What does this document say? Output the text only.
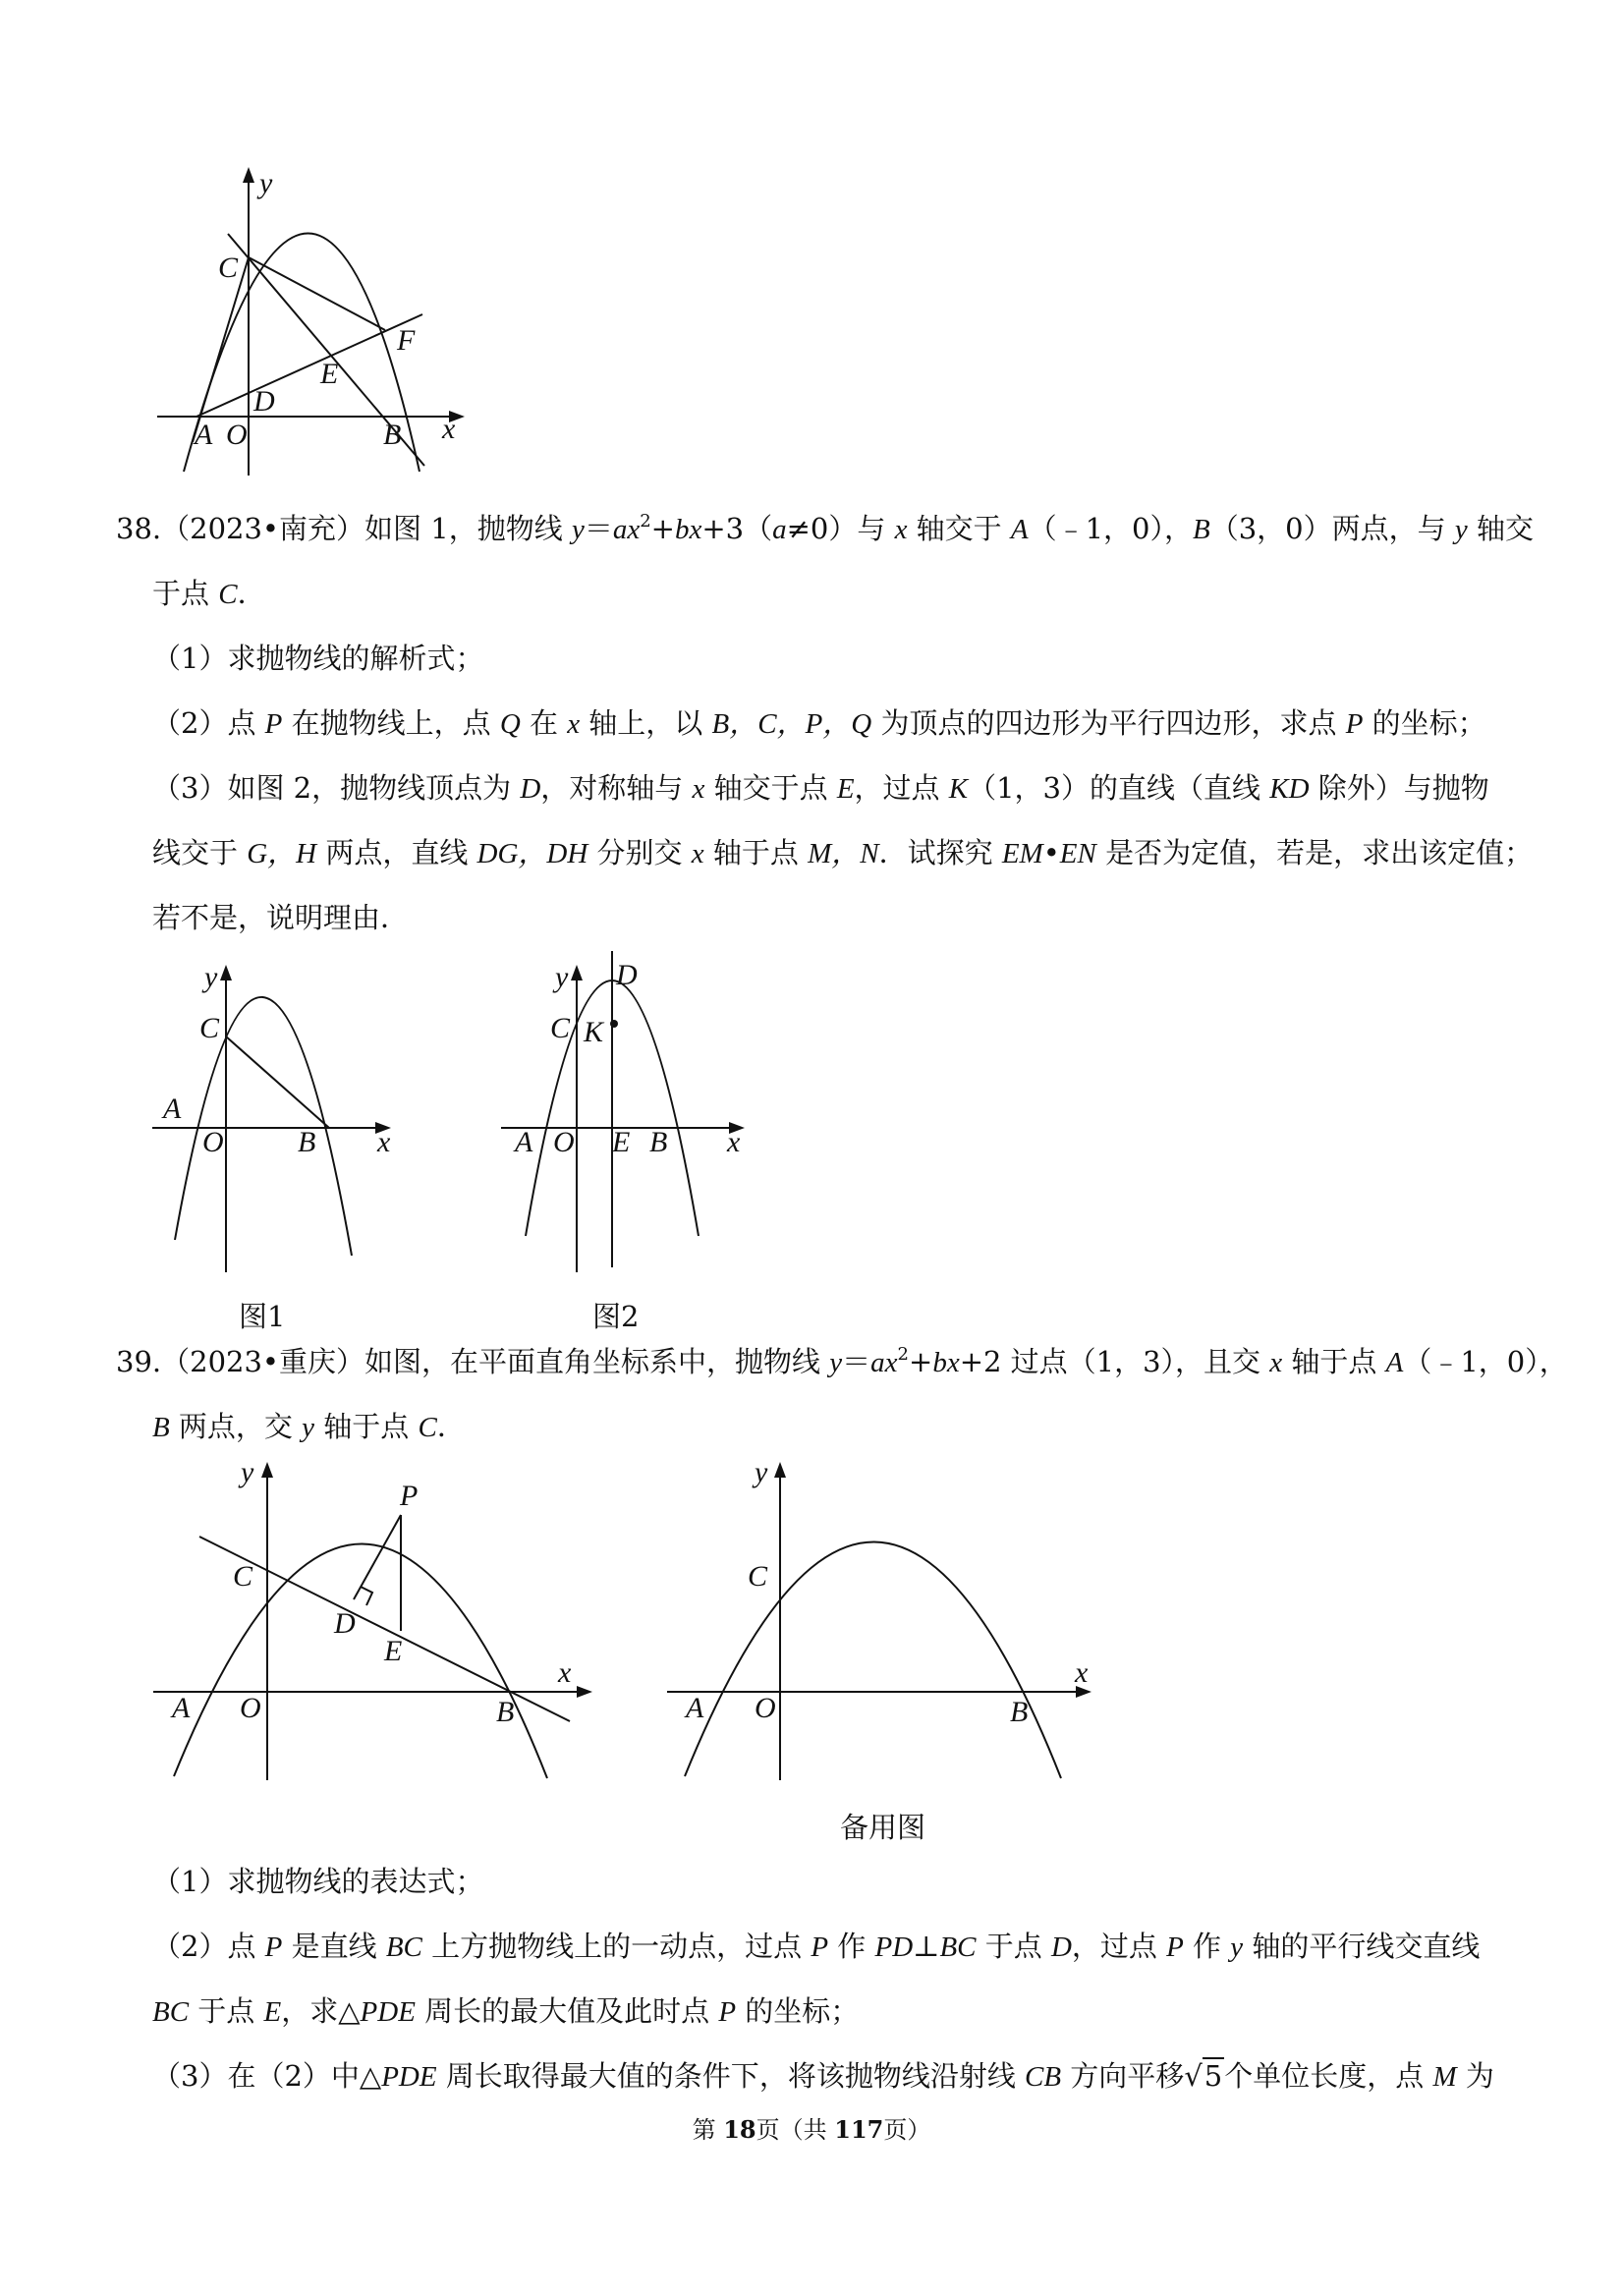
y
C
F
E
D
A O	B x
38.（2023•南充）如图 1，抛物线 $y=ax^2+bx+3(a\ne 0)$与 x 轴交于 A（﹣1，0），B（3，0）两点，与 y 轴交
于点 C．
（1）求抛物线的解析式；
（2）点 P 在抛物线上，点 Q 在 x 轴上，以 B，C，P，Q 为顶点的四边形为平行四边形，求点 P 的坐标；
（3）如图 2，抛物线顶点为 D，对称轴与 x 轴交于点 E，过点 K（1，3）的直线（直线 KD 除外）与抛物
线交于 G，H 两点，直线 DG，DH 分别交 x 轴于点 M，N．试探究 EM•EN 是否为定值，若是，求出该定值；
若不是，说明理由．
y
C
A
O	B x
图1
y D
C K
A O E B x
图2
39.（2023•重庆）如图，在平面直角坐标系中，抛物线 $y=ax^2+bx+2$ 过点（1，3），且交 x 轴于点 A（﹣1，0），
B 两点，交 y 轴于点 C．
y
P
C
D
E
x
A O	B
y
C
x
A O	B
备用图
（1）求抛物线的表达式；
（2）点 P 是直线 BC 上方抛物线上的一动点，过点 P 作 PD⊥BC 于点 D，过点 P 作 y 轴的平行线交直线
BC 于点 E，求△PDE 周长的最大值及此时点 P 的坐标；
（3）在（2）中△PDE 周长取得最大值的条件下，将该抛物线沿射线 CB 方向平移√5个单位长度，点 M 为
第 18页（共 117页）
